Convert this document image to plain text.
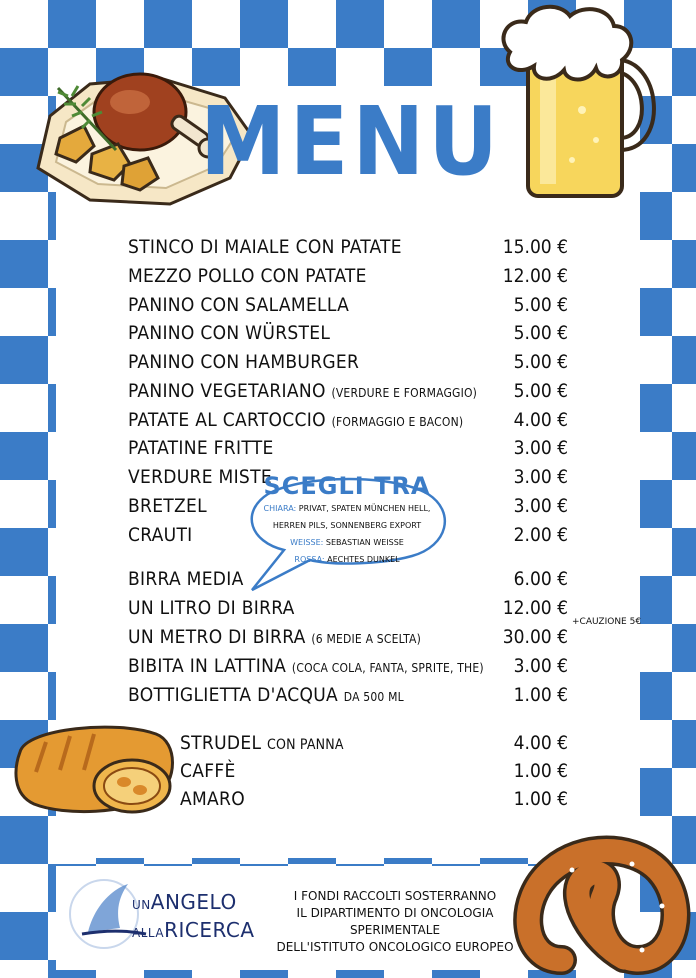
MENU
STINCO DI MAIALE CON PATATE	15.00 €
MEZZO POLLO CON PATATE	12.00 €
PANINO CON SALAMELLA	5.00 €
PANINO CON WÜRSTEL	5.00 €
PANINO CON HAMBURGER	5.00 €
PANINO VEGETARIANO (VERDURE E FORMAGGIO) 5.00 €
PATATE AL CARTOCCIO (FORMAGGIO E BACON)	4.00 €
PATATINE FRITTE	3.00 €
VERDURE MISTE	3.00 €
BRETZEL	3.00 €
CRAUTI	2.00 €
SCEGLI TRA
CHIARA: PRIVAT, SPATEN MÜNCHEN HELL,
HERREN PILS, SONNENBERG EXPORT
WEISSE: SEBASTIAN WEISSE
ROSSA: AECHTES DUNKEL
BIRRA MEDIA	6.00 €
UN LITRO DI BIRRA	12.00 €
UN METRO DI BIRRA (6 MEDIE A SCELTA)	30.00 €
BIBITA IN LATTINA (COCA COLA, FANTA, SPRITE, THE) 3.00 €
BOTTIGLIETTA D'ACQUA DA 500 ML	1.00 €
+CAUZIONE 5€
STRUDEL CON PANNA	4.00 €
CAFFÈ	1.00 €
AMARO	1.00 €
UNANGELO
ALLARICERCA
I FONDI RACCOLTI SOSTERRANNO
IL DIPARTIMENTO DI ONCOLOGIA SPERIMENTALE
DELL'ISTITUTO ONCOLOGICO EUROPEO
